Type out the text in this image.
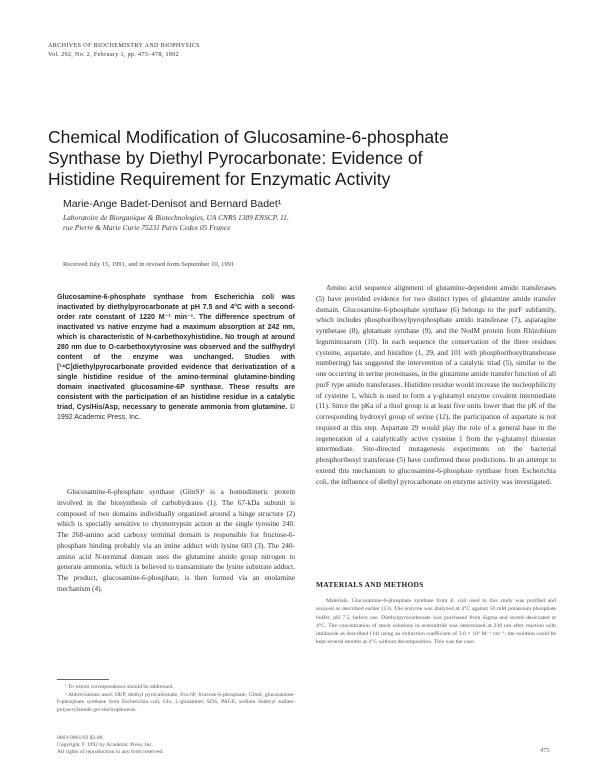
ARCHIVES OF BIOCHEMISTRY AND BIOPHYSICS
Vol. 292, No. 2, February 1, pp. 475–478, 1992
Chemical Modification of Glucosamine-6-phosphate
Synthase by Diethyl Pyrocarbonate: Evidence of
Histidine Requirement for Enzymatic Activity
Marie-Ange Badet-Denisot and Bernard Badet¹
Laboratoire de Biorganique & Biotechnologies, UA CNRS 1389 ENSCP, 11,
rue Pierre & Marie Curie 75231 Paris Cedex 05 France
Received July 15, 1991, and in revised form September 10, 1991
Glucosamine-6-phosphate synthase from Escherichia coli was inactivated by diethylpyrocarbonate at pH 7.5 and 4°C with a second-order rate constant of 1220 M⁻¹ min⁻¹. The difference spectrum of inactivated vs native enzyme had a maximum absorption at 242 nm, which is characteristic of N-carbethoxyhistidine. No trough at around 280 nm due to O-carbethoxytyrosine was observed and the sulfhydryl content of the enzyme was unchanged. Studies with [¹⁴C]diethylpyrocarbonate provided evidence that derivatization of a single histidine residue of the amino-terminal glutamine-binding domain inactivated glucosamine-6P synthase. These results are consistent with the participation of an histidine residue in a catalytic triad, Cys/His/Asp, necessary to generate ammonia from glutamine. © 1992 Academic Press, Inc.

Glucosamine-6-phosphate synthase (GlmS)² is a homodimeric protein involved in the biosynthesis of carbohydrates (1). The 67-kDa subunit is composed of two domains individually organized around a hinge structure (2) which is specially sensitive to chymotrypsin action at the single tyrosine 240. The 268-amino acid carboxy terminal domain is responsible for fructose-6-phosphate binding probably via an imine adduct with lysine 603 (3). The 240-amino acid N-terminal domain uses the glutamine amido group nitrogen to generate ammonia, which is believed to transaminate the lysine substrate adduct. The product, glucosamine-6-phosphate, is then formed via an enolamine mechanism (4).

¹ To whom correspondence should be addressed.

² Abbreviations used: DEP, diethyl pyrocarbonate; Fru-6P, fructose-6-phosphate; GlmS, glucosamine-6-phosphate synthase from Escherichia coli; Gln, L-glutamine; SDS, PAGE, sodium dodecyl sulfate-polyacrylamide gel electrophoresis.

0003-9861/92 $3.00
Copyright © 1992 by Academic Press, Inc.
All rights of reproduction in any form reserved.

Amino acid sequence alignment of glutamine-dependent amido transferases (5) have provided evidence for two distinct types of glutamine amide transfer domain. Glucosamine-6-phosphate synthase (6) belongs to the purF subfamily, which includes phosphoribosylpyrophosphate amido transferase (7), asparagine synthetase (8), glutamate synthase (9), and the NodM protein from Rhizobium leguminosarum (10). In each sequence the conservation of the three residues cysteine, aspartate, and histidine (1, 29, and 101 with phosphoribosyltransferase numbering) has suggested the intervention of a catalytic triad (5), similar to the one occurring in serine proteinases, in the glutamine amide transfer function of all purF type amido transferases. Histidine residue would increase the nucleophilicity of cysteine 1, which is used to form a γ-glutamyl enzyme covalent intermediate (11). Since the pKa of a thiol group is at least five units lower than the pK of the corresponding hydroxyl group of serine (12), the participation of aspartate is not required at this step. Aspartate 29 would play the role of a general base in the regeneration of a catalytically active cysteine 1 from the γ-glutamyl thioester intermediate. Site-directed mutagenesis experiments on the bacterial phosphoribosyl transferase (5) have confirmed these predictions. In an attempt to extend this mechanism to glucosamine-6-phosphate synthase from Escherichia coli, the influence of diethyl pyrocarbonate on enzyme activity was investigated.

MATERIALS AND METHODS

Materials. Glucosamine-6-phosphate synthase from E. coli used in this study was purified and assayed as described earlier (13). The enzyme was dialyzed at 4°C against 50 mM potassium phosphate buffer, pH 7.5, before use. Diethylpyrocarbonate was purchased from Sigma and stored desiccated at 4°C. The concentration of stock solutions in acetonitrile was determined at 230 nm after reaction with imidazole as described (14) using an extinction coefficient of 3.0 × 10³ M⁻¹ cm⁻¹; the solution could be kept several months at 4°C without decomposition. This was the case.

475
